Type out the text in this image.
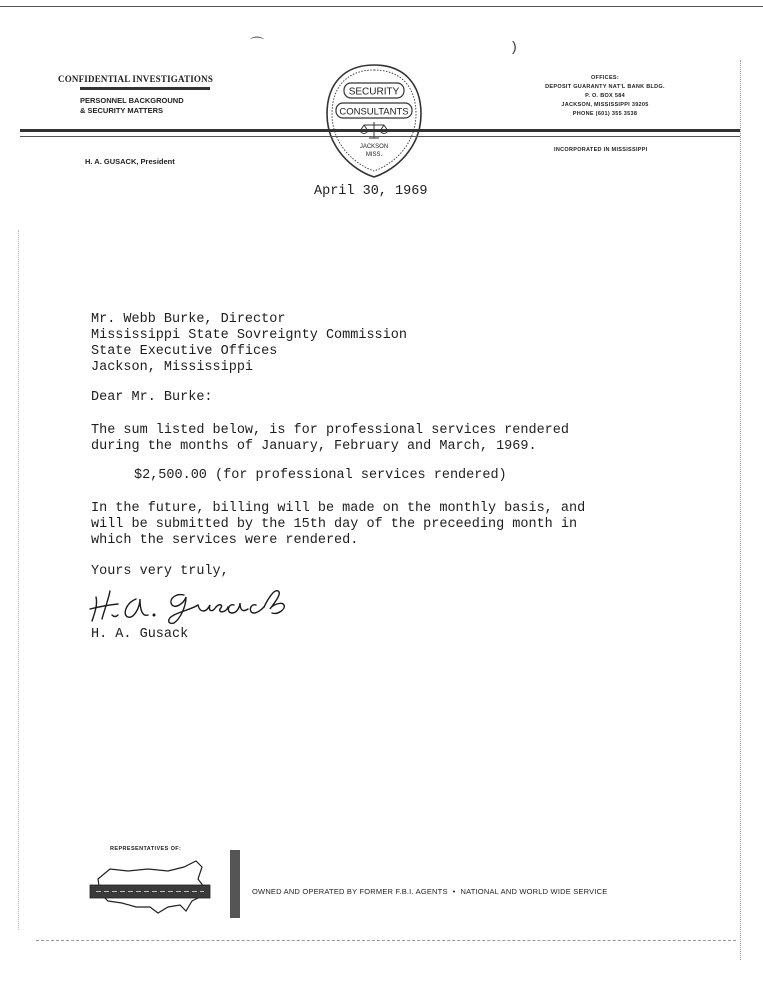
⌒	)
CONFIDENTIAL INVESTIGATIONS
PERSONNEL BACKGROUND
& SECURITY MATTERS
SECURITY
CONSULTANTS
JACKSON
MISS.
OFFICES:
DEPOSIT GUARANTY NAT'L BANK BLDG.
P. O. BOX 584
JACKSON, MISSISSIPPI 39205
PHONE (601) 355 3538
H. A. GUSACK, President
INCORPORATED IN MISSISSIPPI
April 30, 1969
Mr. Webb Burke, Director
Mississippi State Sovreignty Commission
State Executive Offices
Jackson, Mississippi
Dear Mr. Burke:
The sum listed below, is for professional services rendered
during the months of January, February and March, 1969.
$2,500.00 (for professional services rendered)
In the future, billing will be made on the monthly basis, and
will be submitted by the 15th day of the preceeding month in
which the services were rendered.
Yours very truly,
H. A. Gusack
REPRESENTATIVES OF:
OWNED AND OPERATED BY FORMER F.B.I. AGENTS • NATIONAL AND WORLD WIDE SERVICE
